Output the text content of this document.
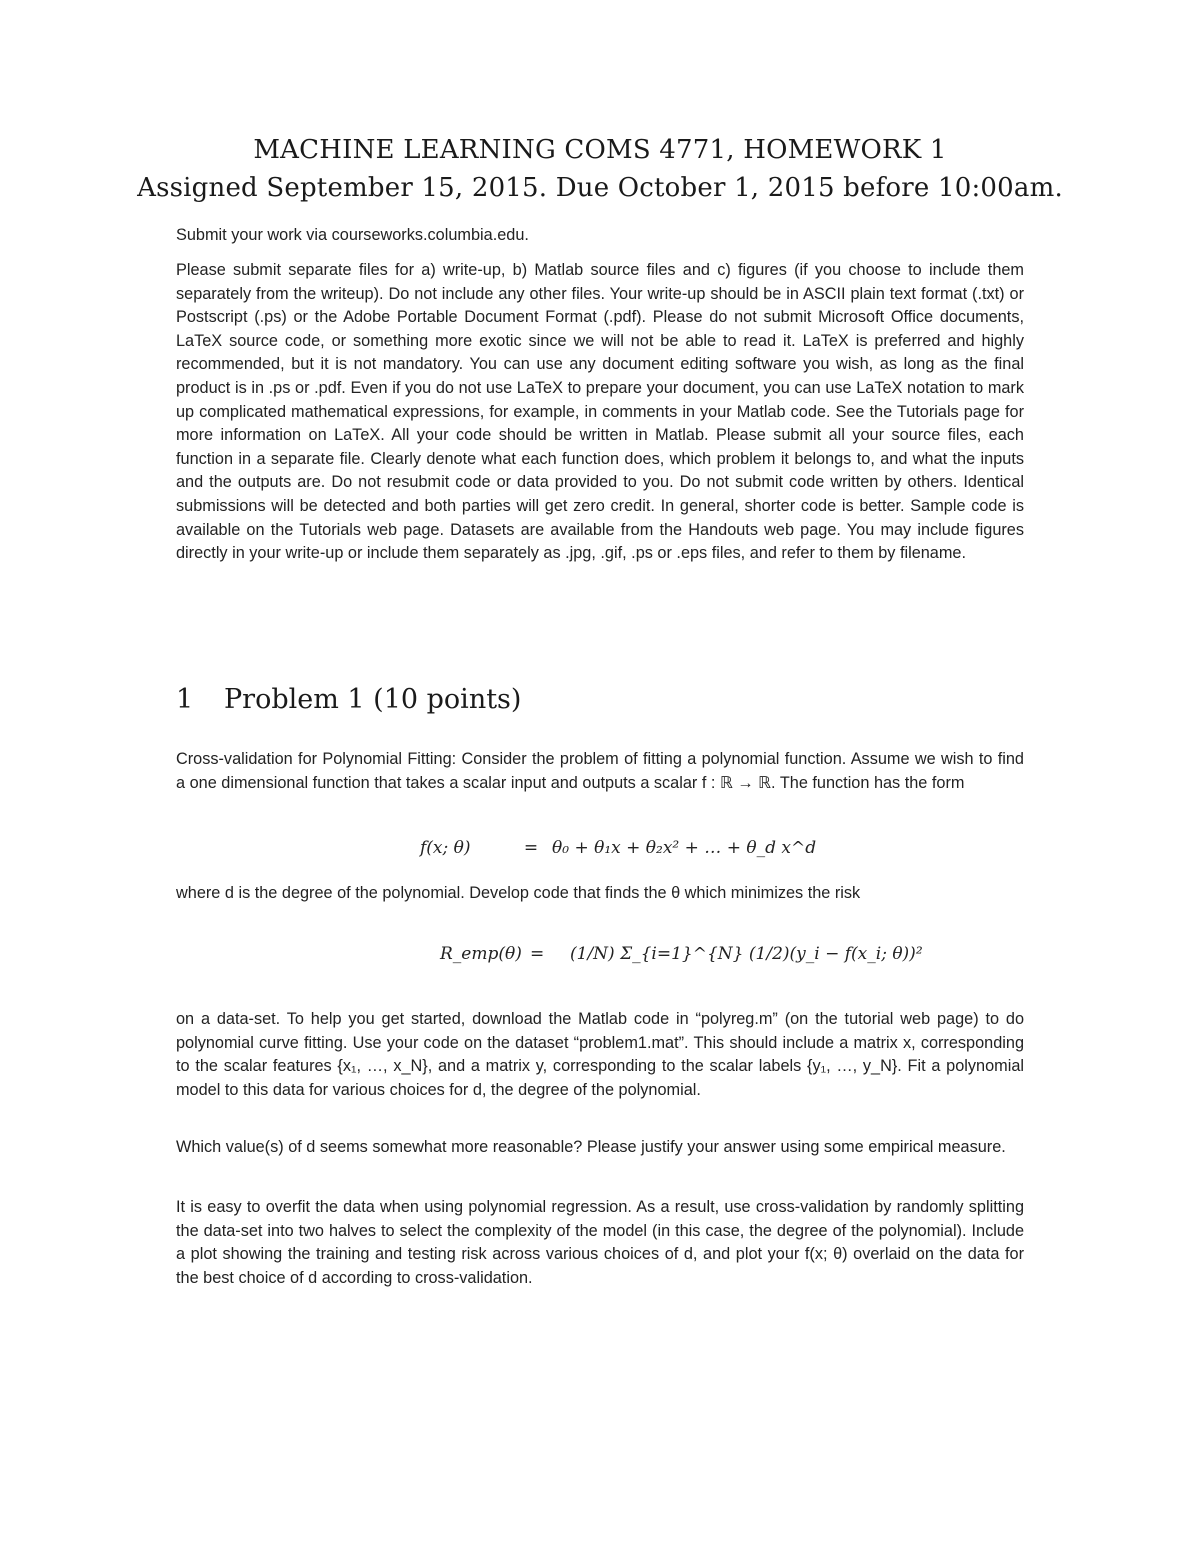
MACHINE LEARNING COMS 4771, HOMEWORK 1
Assigned September 15, 2015. Due October 1, 2015 before 10:00am.
Submit your work via courseworks.columbia.edu.
Please submit separate files for a) write-up, b) Matlab source files and c) figures (if you choose to include them separately from the writeup). Do not include any other files. Your write-up should be in ASCII plain text format (.txt) or Postscript (.ps) or the Adobe Portable Document Format (.pdf). Please do not submit Microsoft Office documents, LaTeX source code, or something more exotic since we will not be able to read it. LaTeX is preferred and highly recommended, but it is not mandatory. You can use any document editing software you wish, as long as the final product is in .ps or .pdf. Even if you do not use LaTeX to prepare your document, you can use LaTeX notation to mark up complicated mathematical expressions, for example, in comments in your Matlab code. See the Tutorials page for more information on LaTeX. All your code should be written in Matlab. Please submit all your source files, each function in a separate file. Clearly denote what each function does, which problem it belongs to, and what the inputs and the outputs are. Do not resubmit code or data provided to you. Do not submit code written by others. Identical submissions will be detected and both parties will get zero credit. In general, shorter code is better. Sample code is available on the Tutorials web page. Datasets are available from the Handouts web page. You may include figures directly in your write-up or include them separately as .jpg, .gif, .ps or .eps files, and refer to them by filename.
1 Problem 1 (10 points)
Cross-validation for Polynomial Fitting: Consider the problem of fitting a polynomial function. Assume we wish to find a one dimensional function that takes a scalar input and outputs a scalar f : ℝ → ℝ. The function has the form
f(x; θ)	= θ₀ + θ₁x + θ₂x² + … + θ_d x^d
where d is the degree of the polynomial. Develop code that finds the θ which minimizes the risk
R_emp(θ) = (1/N) Σ_{i=1}^{N} (1/2)(y_i − f(x_i; θ))²
on a data-set. To help you get started, download the Matlab code in “polyreg.m” (on the tutorial web page) to do polynomial curve fitting. Use your code on the dataset “problem1.mat”. This should include a matrix x, corresponding to the scalar features {x₁, …, x_N}, and a matrix y, corresponding to the scalar labels {y₁, …, y_N}. Fit a polynomial model to this data for various choices for d, the degree of the polynomial.
Which value(s) of d seems somewhat more reasonable? Please justify your answer using some empirical measure.
It is easy to overfit the data when using polynomial regression. As a result, use cross-validation by randomly splitting the data-set into two halves to select the complexity of the model (in this case, the degree of the polynomial). Include a plot showing the training and testing risk across various choices of d, and plot your f(x; θ) overlaid on the data for the best choice of d according to cross-validation.
